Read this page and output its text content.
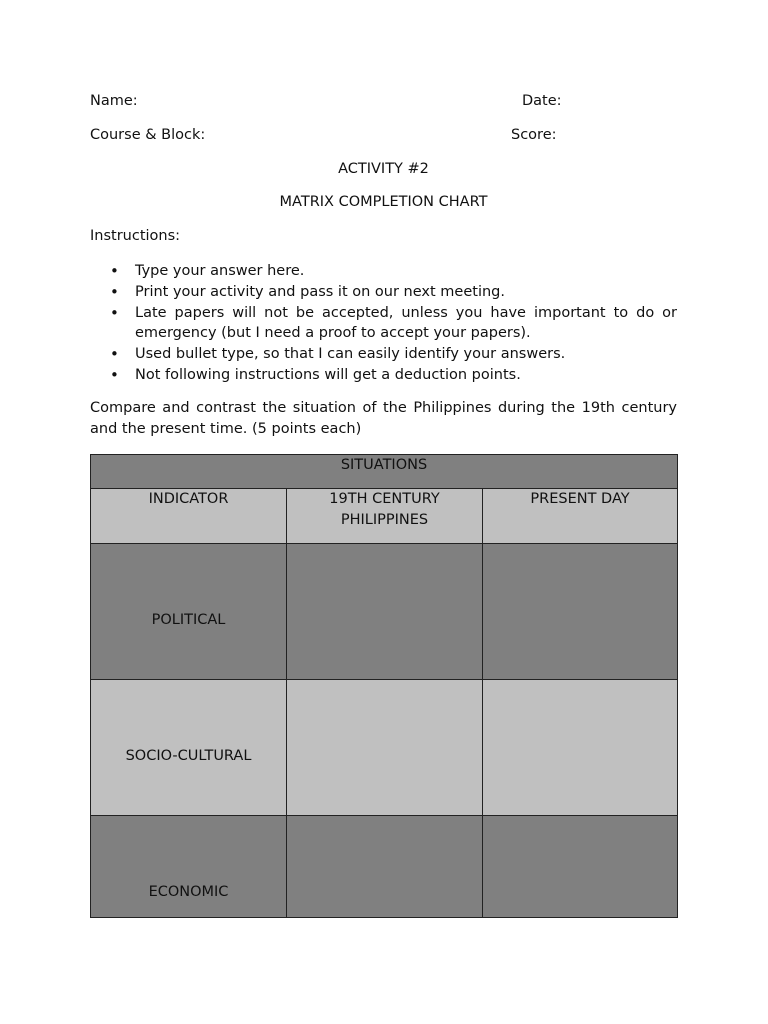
Name:	Date:
Course & Block:	Score:
ACTIVITY #2
MATRIX COMPLETION CHART
Instructions:
• Type your answer here.
• Print your activity and pass it on our next meeting.
• Late papers will not be accepted, unless you have important to do or emergency (but I need a proof to accept your papers).
• Used bullet type, so that I can easily identify your answers.
• Not following instructions will get a deduction points.
Compare and contrast the situation of the Philippines during the 19th century and the present time. (5 points each)
SITUATIONS		
INDICATOR	19TH CENTURY PHILIPPINES	PRESENT DAY

POLITICAL		

SOCIO-CULTURAL		

ECONOMIC		
